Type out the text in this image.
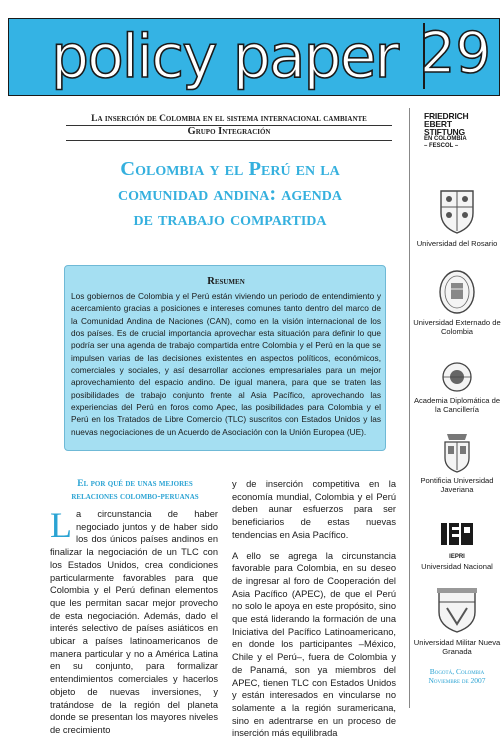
policy paper 29
La inserción de Colombia en el sistema internacional cambiante
Grupo Integración
Colombia y el Perú en la
comunidad andina: agenda
de trabajo compartida
Resumen
Los gobiernos de Colombia y el Perú están viviendo un periodo de entendimiento y acercamiento gracias a posiciones e intereses comunes tanto dentro del marco de la Comunidad Andina de Naciones (CAN), como en la visión internacional de los dos países. Es de crucial importancia aprovechar esta situación para definir lo que podría ser una agenda de trabajo compartida entre Colombia y el Perú en la que se impulsen varias de las decisiones existentes en aspectos políticos, económicos, comerciales y sociales, y así desarrollar acciones empresariales para un mejor aprovechamiento del espacio andino. De igual manera, para que se traten las posibilidades de trabajo conjunto frente al Asia Pacífico, aprovechando las experiencias del Perú en foros como Apec, las posibilidades para Colombia y el Perú en los Tratados de Libre Comercio (TLC) suscritos con Estados Unidos y las nuevas negociaciones de un Acuerdo de Asociación con la Unión Europea (UE).
El por qué de unas mejores
relaciones colombo-peruanas
La circunstancia de haber negociado juntos y de haber sido los dos únicos países andinos en finalizar la negociación de un TLC con los Estados Unidos, crea condiciones particularmente favorables para que Colombia y el Perú definan elementos que les permitan sacar mejor provecho de esta negociación. Además, dado el interés selectivo de países asiáticos en ubicar a países latinoamericanos de manera particular y no a América Latina en su conjunto, para formalizar entendimientos comerciales y hacerlos objeto de nuevas inversiones, y tratándose de la región del planeta donde se presentan los mayores niveles de crecimiento

y de inserción competitiva en la economía mundial, Colombia y el Perú deben aunar esfuerzos para ser beneficiarios de estas nuevas tendencias en Asia Pacífico.

A ello se agrega la circunstancia favorable para Colombia, en su deseo de ingresar al foro de Cooperación del Asia Pacífico (APEC), de que el Perú no solo le apoya en este propósito, sino que está liderando la formación de una Iniciativa del Pacífico Latinoamericano, en donde los participantes –México, Chile y el Perú–, fuera de Colombia y de Panamá, son ya miembros del APEC, tienen TLC con Estados Unidos y están interesados en vincularse no solamente a la región suramericana, sino en adentrarse en un proceso de inserción más equilibrada

FRIEDRICH
EBERT
STIFTUNG
EN COLOMBIA
– FESCOL –
Universidad del Rosario
Universidad Externado de Colombia
Academia Diplomática de la Cancillería
Pontificia Universidad Javeriana
IEPRI
Universidad Nacional
Universidad Militar Nueva Granada
Bogotá, Colombia
Noviembre de 2007
